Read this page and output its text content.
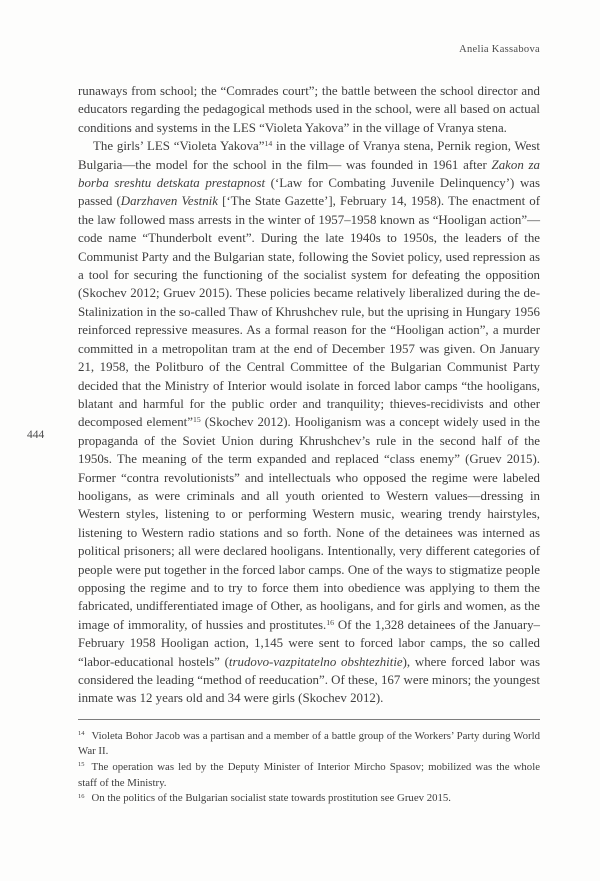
Anelia Kassabova
444

runaways from school; the “Comrades court”; the battle between the school director and educators regarding the pedagogical methods used in the school, were all based on actual conditions and systems in the LES “Violeta Yakova” in the village of Vranya stena.

The girls’ LES “Violeta Yakova”$^{14}$ in the village of Vranya stena, Pernik region, West Bulgaria—the model for the school in the film— was founded in 1961 after Zakon za borba sreshtu detskata prestapnost (‘Law for Combating Juvenile Delinquency’) was passed (Darzhaven Vestnik [‘The State Gazette’], February 14, 1958). The enactment of the law followed mass arrests in the winter of 1957–1958 known as “Hooligan action”—code name “Thunderbolt event”. During the late 1940s to 1950s, the leaders of the Communist Party and the Bulgarian state, following the Soviet policy, used repression as a tool for securing the functioning of the socialist system for defeating the opposition (Skochev 2012; Gruev 2015). These policies became relatively liberalized during the de-Stalinization in the so-called Thaw of Khrushchev rule, but the uprising in Hungary 1956 reinforced repressive measures. As a formal reason for the “Hooligan action”, a murder committed in a metropolitan tram at the end of December 1957 was given. On January 21, 1958, the Politburo of the Central Committee of the Bulgarian Communist Party decided that the Ministry of Interior would isolate in forced labor camps “the hooligans, blatant and harmful for the public order and tranquility; thieves-recidivists and other decomposed element”$^{15}$ (Skochev 2012). Hooliganism was a concept widely used in the propaganda of the Soviet Union during Khrushchev’s rule in the second half of the 1950s. The meaning of the term expanded and replaced “class enemy” (Gruev 2015). Former “contra revolutionists” and intellectuals who opposed the regime were labeled hooligans, as were criminals and all youth oriented to Western values—dressing in Western styles, listening to or performing Western music, wearing trendy hairstyles, listening to Western radio stations and so forth. None of the detainees was interned as political prisoners; all were declared hooligans. Intentionally, very different categories of people were put together in the forced labor camps. One of the ways to stigmatize people opposing the regime and to try to force them into obedience was applying to them the fabricated, undifferentiated image of Other, as hooligans, and for girls and women, as the image of immorality, of hussies and prostitutes.$^{16}$ Of the 1,328 detainees of the January–February 1958 Hooligan action, 1,145 were sent to forced labor camps, the so called “labor-educational hostels” (trudovo-vazpitatelno obshtezhitie), where forced labor was considered the leading “method of reeducation”. Of these, 167 were minors; the youngest inmate was 12 years old and 34 were girls (Skochev 2012).

$^{14}$ Violeta Bohor Jacob was a partisan and a member of a battle group of the Workers’ Party during World War II.
$^{15}$ The operation was led by the Deputy Minister of Interior Mircho Spasov; mobilized was the whole staff of the Ministry.
$^{16}$ On the politics of the Bulgarian socialist state towards prostitution see Gruev 2015.
